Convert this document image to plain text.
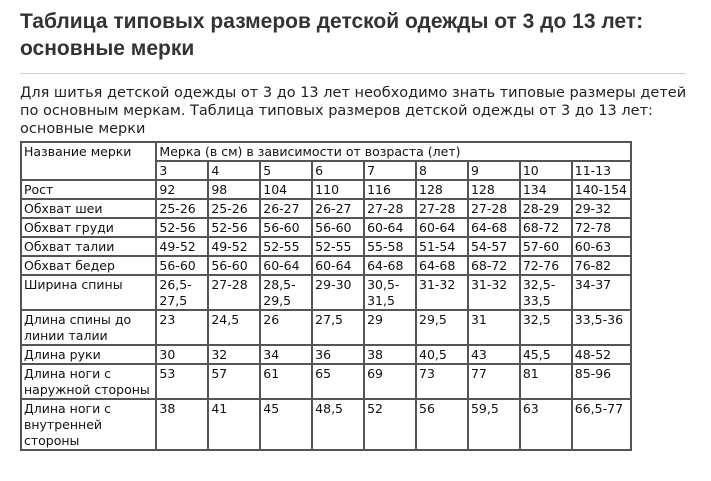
Таблица типовых размеров детской одежды от 3 до 13 лет: основные мерки

Для шитья детской одежды от 3 до 13 лет необходимо знать типовые размеры детей по основным меркам. Таблица типовых размеров детской одежды от 3 до 13 лет: основные мерки

Название мерки	Мерка (в см) в зависимости от возраста (лет)								
	3	4	5	6	7	8	9	10	11-13
Рост	92	98	104	110	116	128	128	134	140-154
Обхват шеи	25-26	25-26	26-27	26-27	27-28	27-28	27-28	28-29	29-32
Обхват груди	52-56	52-56	56-60	56-60	60-64	60-64	64-68	68-72	72-78
Обхват талии	49-52	49-52	52-55	52-55	55-58	51-54	54-57	57-60	60-63
Обхват бедер	56-60	56-60	60-64	60-64	64-68	64-68	68-72	72-76	76-82
Ширина спины	26,5-27,5	27-28	28,5-29,5	29-30	30,5-31,5	31-32	31-32	32,5-33,5	34-37
Длина спины до линии талии	23	24,5	26	27,5	29	29,5	31	32,5	33,5-36
Длина руки	30	32	34	36	38	40,5	43	45,5	48-52
Длина ноги с наружной стороны	53	57	61	65	69	73	77	81	85-96
Длина ноги с внутренней стороны	38	41	45	48,5	52	56	59,5	63	66,5-77
